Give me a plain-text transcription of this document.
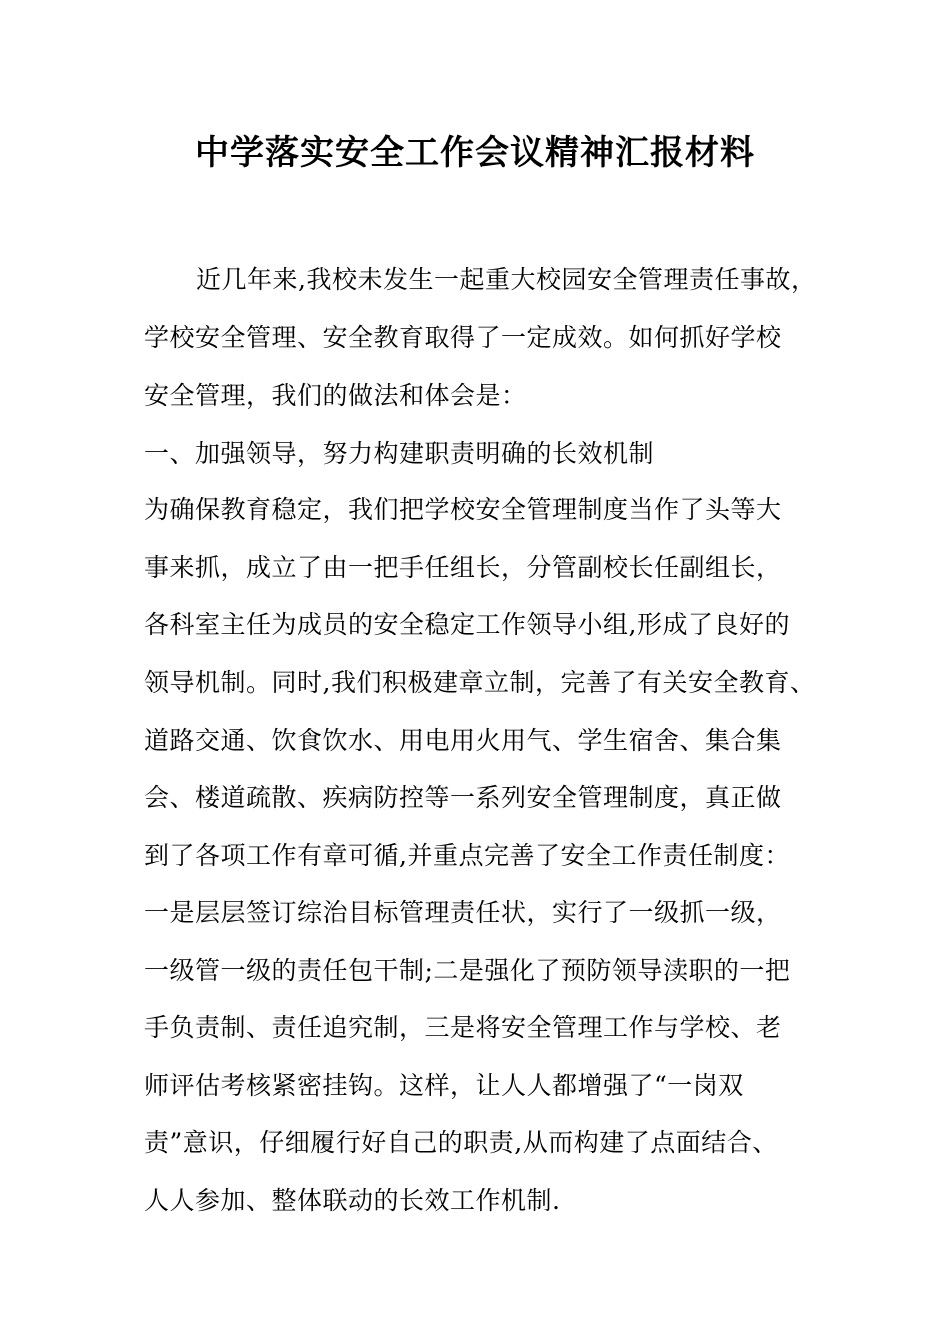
中学落实安全工作会议精神汇报材料
近几年来,我校未发生一起重大校园安全管理责任事故，
学校安全管理、安全教育取得了一定成效。如何抓好学校
安全管理，我们的做法和体会是：
一、加强领导，努力构建职责明确的长效机制
为确保教育稳定，我们把学校安全管理制度当作了头等大
事来抓，成立了由一把手任组长，分管副校长任副组长，
各科室主任为成员的安全稳定工作领导小组,形成了良好的
领导机制。同时,我们积极建章立制，完善了有关安全教育、
道路交通、饮食饮水、用电用火用气、学生宿舍、集合集
会、楼道疏散、疾病防控等一系列安全管理制度，真正做
到了各项工作有章可循,并重点完善了安全工作责任制度：
一是层层签订综治目标管理责任状，实行了一级抓一级，
一级管一级的责任包干制;二是强化了预防领导渎职的一把
手负责制、责任追究制，三是将安全管理工作与学校、老
师评估考核紧密挂钩。这样，让人人都增强了“一岗双
责”意识，仔细履行好自己的职责,从而构建了点面结合、
人人参加、整体联动的长效工作机制.
